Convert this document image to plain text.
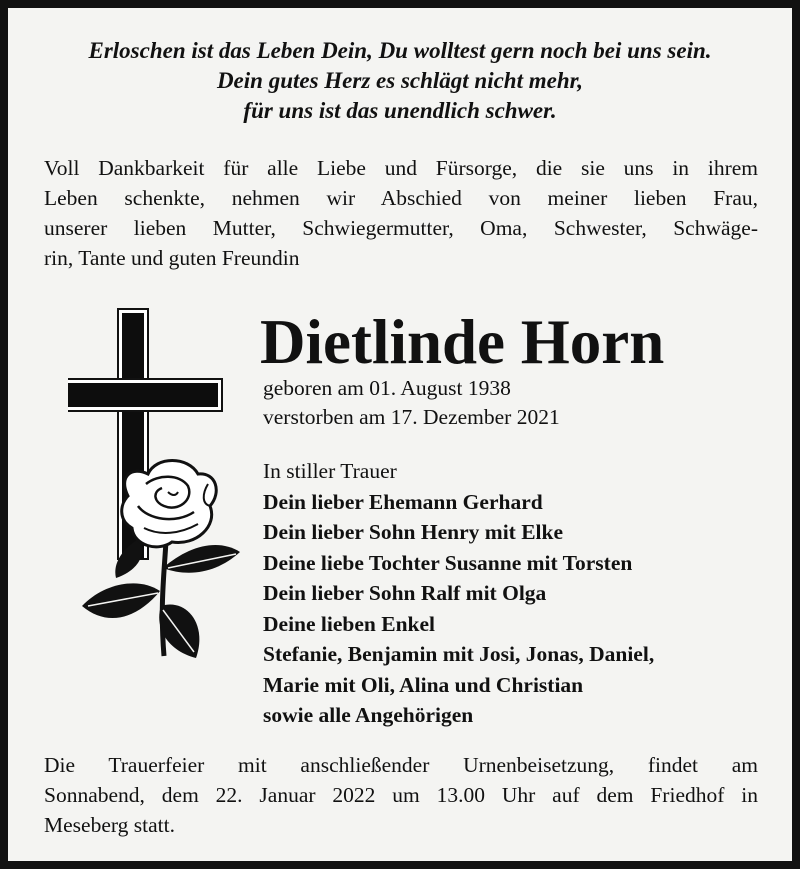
Erloschen ist das Leben Dein, Du wolltest gern noch bei uns sein.
Dein gutes Herz es schlägt nicht mehr,
für uns ist das unendlich schwer.
Voll Dankbarkeit für alle Liebe und Fürsorge, die sie uns in ihrem
Leben schenkte, nehmen wir Abschied von meiner lieben Frau,
unserer lieben Mutter, Schwiegermutter, Oma, Schwester, Schwäge-
rin, Tante und guten Freundin
Dietlinde Horn
geboren am 01. August 1938
verstorben am 17. Dezember 2021
In stiller Trauer
Dein lieber Ehemann Gerhard
Dein lieber Sohn Henry mit Elke
Deine liebe Tochter Susanne mit Torsten
Dein lieber Sohn Ralf mit Olga
Deine lieben Enkel
Stefanie, Benjamin mit Josi, Jonas, Daniel,
Marie mit Oli, Alina und Christian
sowie alle Angehörigen
Die Trauerfeier mit anschließender Urnenbeisetzung, findet am
Sonnabend, dem 22. Januar 2022 um 13.00 Uhr auf dem Friedhof in
Meseberg statt.
